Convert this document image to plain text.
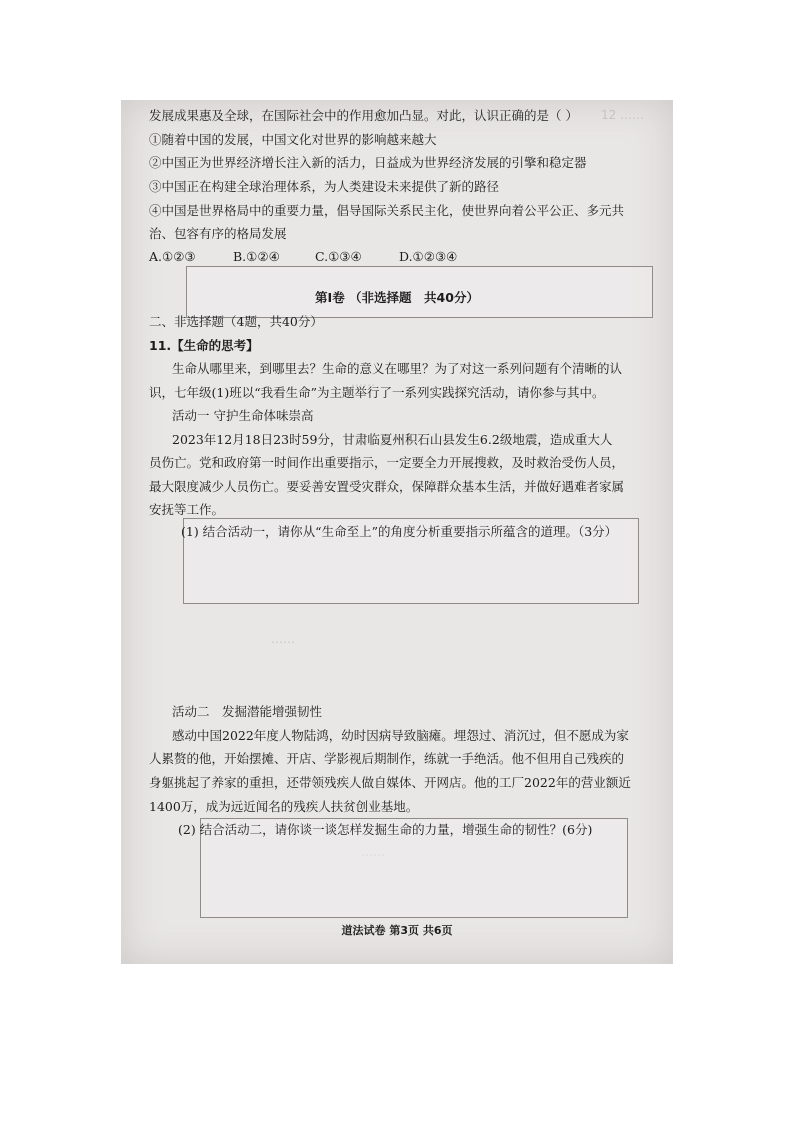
12 ……
……
……
发展成果惠及全球，在国际社会中的作用愈加凸显。对此，认识正确的是（ ）
①随着中国的发展，中国文化对世界的影响越来越大
②中国正为世界经济增长注入新的活力，日益成为世界经济发展的引擎和稳定器
③中国正在构建全球治理体系，为人类建设未来提供了新的路径
④中国是世界格局中的重要力量，倡导国际关系民主化，使世界向着公平公正、多元共
治、包容有序的格局发展
A.①②③	B.①②④	C.①③④	D.①②③④
第Ⅰ卷 （非选择题　共40分）
二、非选择题（4题，共40分）
11.【生命的思考】
生命从哪里来，到哪里去？生命的意义在哪里？为了对这一系列问题有个清晰的认
识，七年级(1)班以“我看生命”为主题举行了一系列实践探究活动，请你参与其中。
活动一 守护生命体味崇高
2023年12月18日23时59分，甘肃临夏州积石山县发生6.2级地震，造成重大人
员伤亡。党和政府第一时间作出重要指示，一定要全力开展搜救，及时救治受伤人员，
最大限度减少人员伤亡。要妥善安置受灾群众，保障群众基本生活，并做好遇难者家属
安抚等工作。
(1) 结合活动一，请你从“生命至上”的角度分析重要指示所蕴含的道理。（3分）
活动二　发掘潜能增强韧性
感动中国2022年度人物陆鸿，幼时因病导致脑瘫。埋怨过、消沉过，但不愿成为家
人累赘的他，开始摆摊、开店、学影视后期制作，练就一手绝活。他不但用自己残疾的
身躯挑起了养家的重担，还带领残疾人做自媒体、开网店。他的工厂2022年的营业额近
1400万，成为远近闻名的残疾人扶贫创业基地。
(2) 结合活动二，请你谈一谈怎样发掘生命的力量，增强生命的韧性？(6分)
道法试卷 第3页 共6页
